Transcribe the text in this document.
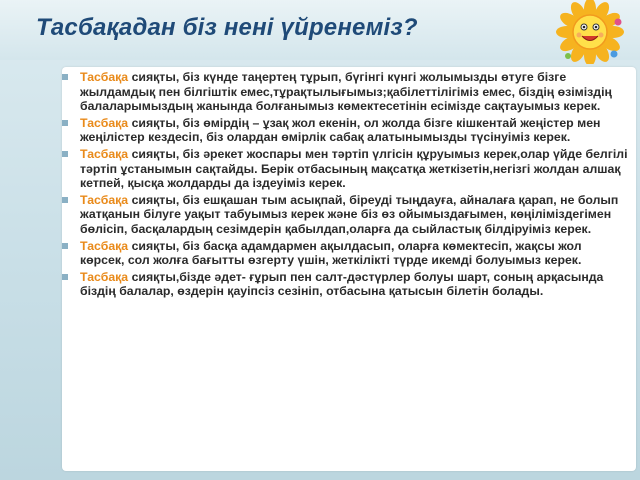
Тасбақадан біз нені үйренеміз?
Тасбақа сияқты, біз күнде таңертең тұрып, бүгінгі күнгі жолымызды өтуге бізге жылдамдық пен білгіштік емес,тұрақтылығымыз;қабілеттілігіміз емес, біздің өзіміздің балаларымыздың жанында болғанымыз көмектесетінін есімізде сақтауымыз керек.
Тасбақа сияқты, біз өмірдің – ұзақ жол екенін, ол жолда бізге кішкентай жеңістер мен жеңілістер кездесіп, біз олардан өмірлік сабақ алатынымызды түсінуіміз керек.
Тасбақа сияқты, біз әрекет жоспары мен тәртіп үлгісін құруымыз керек,олар үйде белгілі тәртіп ұстанымын сақтайды. Берік отбасының мақсатқа жеткізетін,негізгі жолдан алшақ кетпей, қысқа жолдарды да іздеуіміз керек.
Тасбақа сияқты, біз ешқашан тым асықпай, біреуді тыңдауға, айналаға қарап, не болып жатқанын білуге уақыт табуымыз керек және біз өз ойымыздағымен, көңіліміздегімен бөлісіп, басқалардың сезімдерін қабылдап,оларға да сыйластық білдіруіміз керек.
Тасбақа сияқты, біз басқа адамдармен ақылдасып, оларға көмектесіп, жақсы жол көрсек, сол жолға бағытты өзгерту үшін, жеткілікті түрде икемді болуымыз керек.
Тасбақа сияқты,бізде әдет- ғұрып пен салт-дәстүрлер болуы шарт, соның арқасында біздің балалар, өздерін қауіпсіз сезініп, отбасына қатысын білетін болады.
